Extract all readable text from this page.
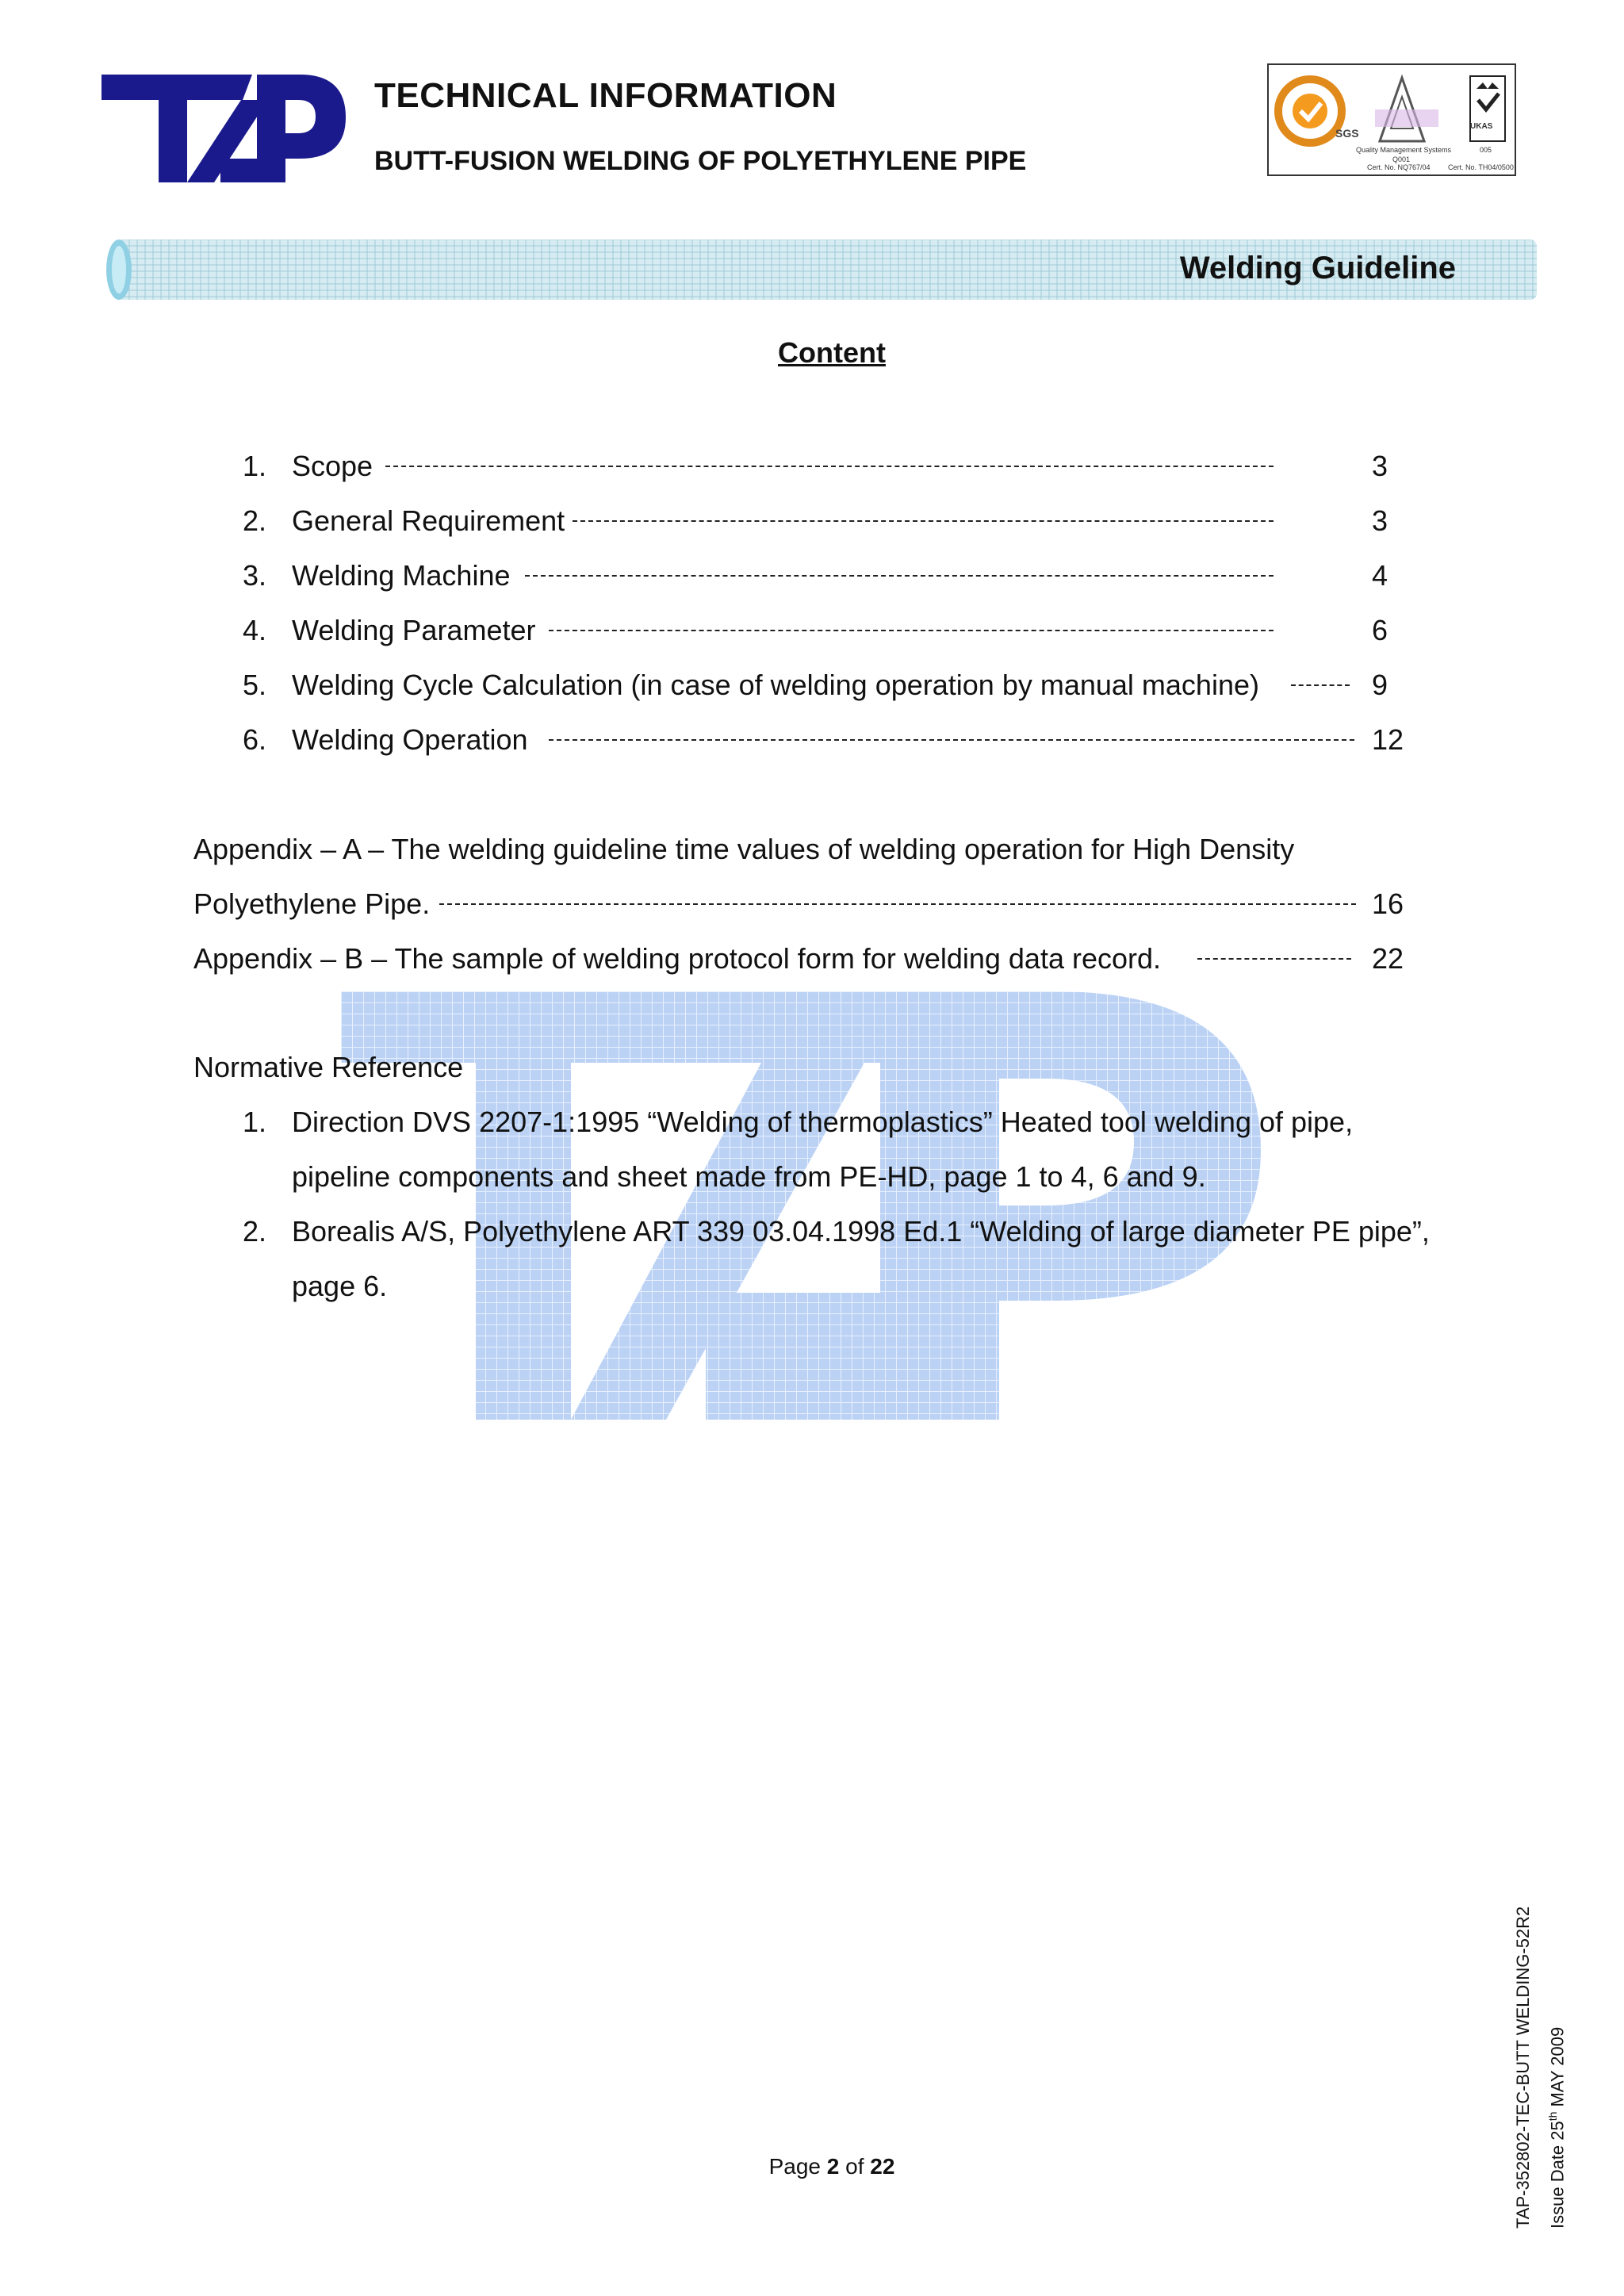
TECHNICAL INFORMATION
BUTT-FUSION WELDING OF POLYETHYLENE PIPE
SGS
Quality Management Systems
Q001
Cert. No. NQ767/04
UKAS
005
Cert. No. TH04/0500
Welding Guideline
Content
1. Scope	3
2. General Requirement	3
3. Welding Machine	4
4. Welding Parameter	6
5. Welding Cycle Calculation (in case of welding operation by manual machine)	9
6. Welding Operation	12
Appendix – A – The welding guideline time values of welding operation for High Density
Polyethylene Pipe.	16
Appendix – B – The sample of welding protocol form for welding data record.	22
Normative Reference
1. Direction DVS 2207-1:1995 “Welding of thermoplastics” Heated tool welding of pipe,
pipeline components and sheet made from PE-HD, page 1 to 4, 6 and 9.
2. Borealis A/S, Polyethylene ART 339 03.04.1998 Ed.1 “Welding of large diameter PE pipe”,
page 6.
Page 2 of 22	TAP-352802-TEC-BUTT WELDING-52R2 Issue Date 25th MAY 2009
